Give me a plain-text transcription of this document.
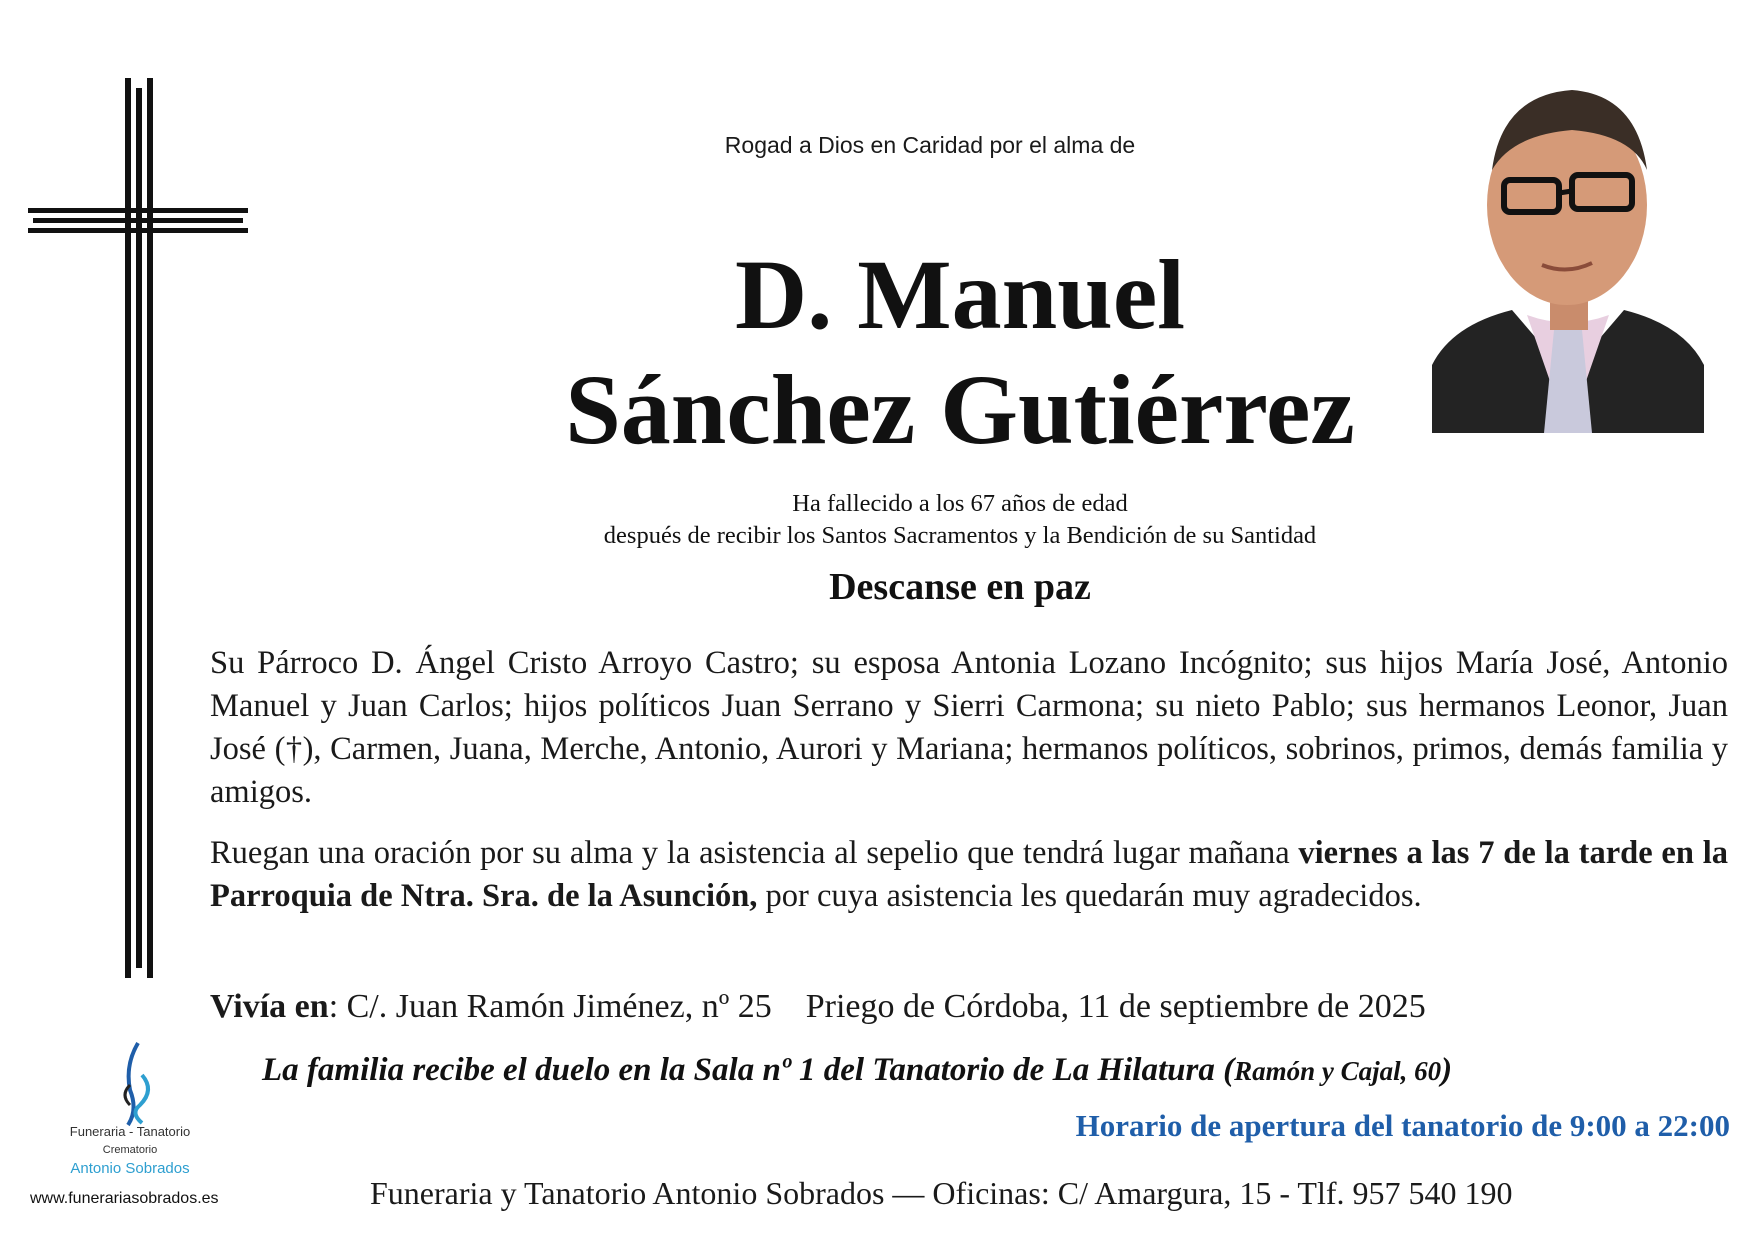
Rogad a Dios en Caridad por el alma de
D. Manuel
Sánchez Gutiérrez
Ha fallecido a los 67 años de edad
después de recibir los Santos Sacramentos y la Bendición de su Santidad
Descanse en paz
Su Párroco D. Ángel Cristo Arroyo Castro; su esposa Antonia Lozano Incógnito; sus hijos María José, Antonio Manuel y Juan Carlos; hijos políticos Juan Serrano y Sierri Carmona; su nieto Pablo; sus hermanos Leonor, Juan José (†), Carmen, Juana, Merche, Antonio, Aurori y Mariana; hermanos políticos, sobrinos, primos, demás familia y amigos.
Ruegan una oración por su alma y la asistencia al sepelio que tendrá lugar mañana viernes a las 7 de la tarde en la Parroquia de Ntra. Sra. de la Asunción, por cuya asistencia les quedarán muy agradecidos.
Vivía en: C/. Juan Ramón Jiménez, nº 25 Priego de Córdoba, 11 de septiembre de 2025
La familia recibe el duelo en la Sala nº 1 del Tanatorio de La Hilatura (Ramón y Cajal, 60)
Horario de apertura del tanatorio de 9:00 a 22:00
Funeraria y Tanatorio Antonio Sobrados — Oficinas: C/ Amargura, 15 - Tlf. 957 540 190
Funeraria - Tanatorio
Crematorio
Antonio Sobrados
www.funerariasobrados.es
